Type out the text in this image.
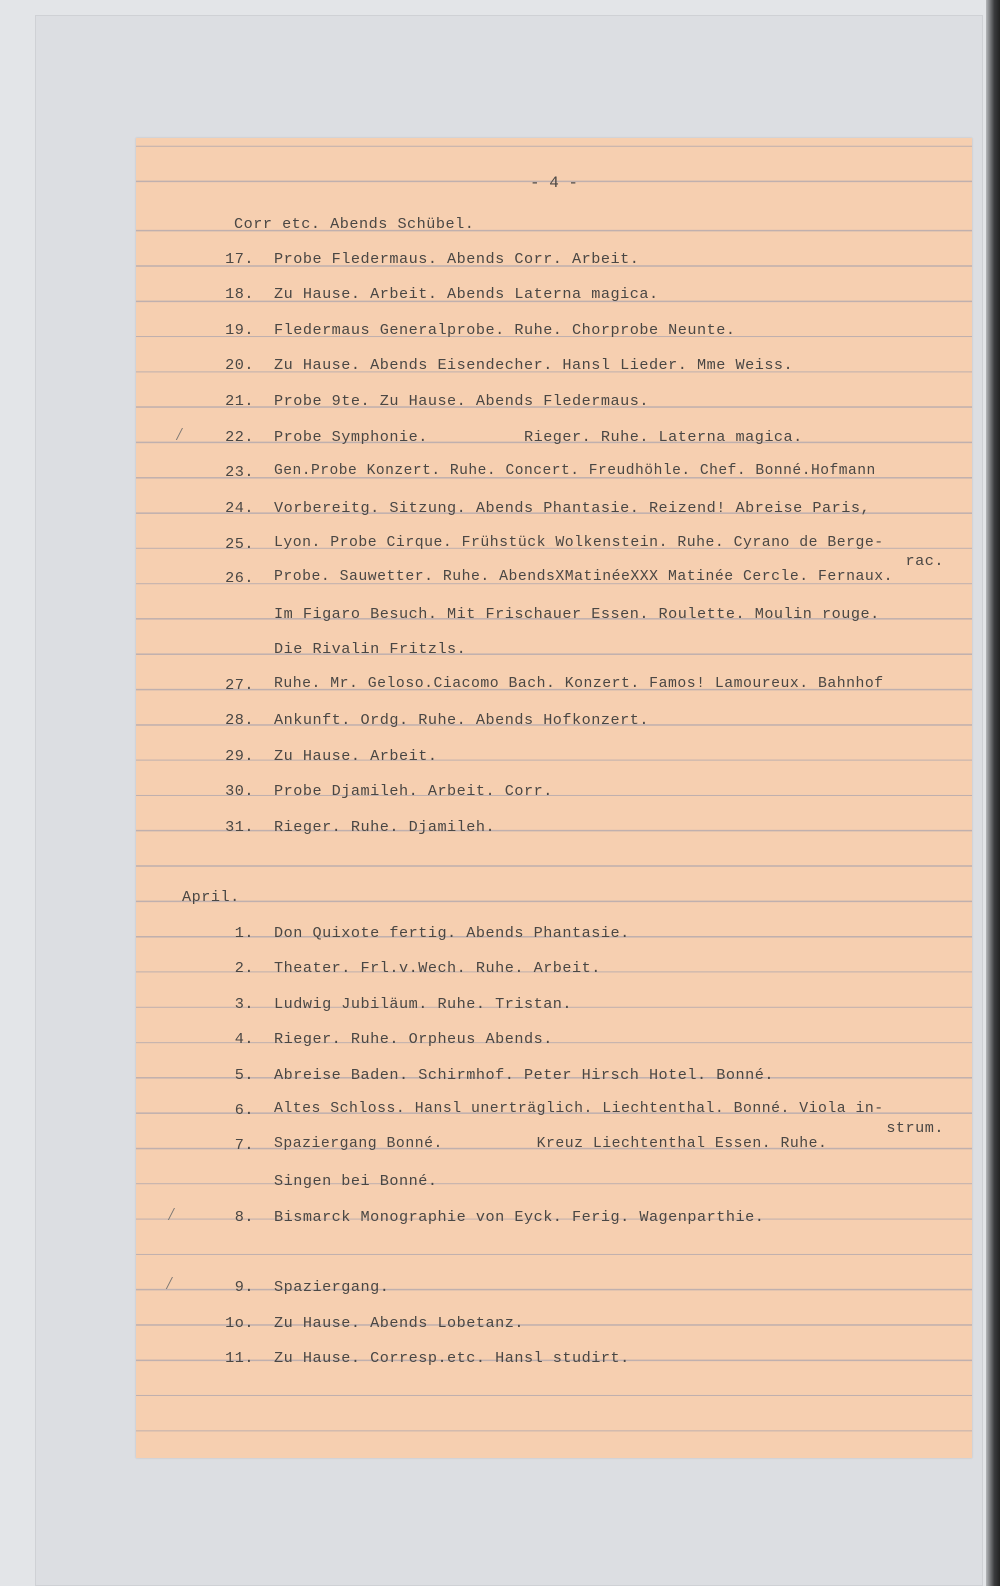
- 4 -
Corr etc. Abends Schübel.
17. Probe Fledermaus. Abends Corr. Arbeit.
18. Zu Hause. Arbeit. Abends Laterna magica.
19. Fledermaus Generalprobe. Ruhe. Chorprobe Neunte.
20. Zu Hause. Abends Eisendecher. Hansl Lieder. Mme Weiss.
21. Probe 9te. Zu Hause. Abends Fledermaus.
22. Probe Symphonie.          Rieger. Ruhe. Laterna magica.
23. Gen.Probe Konzert. Ruhe. Concert. Freudhöhle. Chef. Bonné.Hofmann
24. Vorbereitg. Sitzung. Abends Phantasie. Reizend! Abreise Paris,
25. Lyon. Probe Cirque. Frühstück Wolkenstein. Ruhe. Cyrano de Berge-
rac.
26. Probe. Sauwetter. Ruhe. AbendsXMatinéeXXX Matinée Cercle. Fernaux.
Im Figaro Besuch. Mit Frischauer Essen. Roulette. Moulin rouge.
Die Rivalin Fritzls.
27. Ruhe. Mr. Geloso.Ciacomo Bach. Konzert. Famos! Lamoureux. Bahnhof
28. Ankunft. Ordg. Ruhe. Abends Hofkonzert.
29. Zu Hause. Arbeit.
30. Probe Djamileh. Arbeit. Corr.
31. Rieger. Ruhe. Djamileh.
April.
1. Don Quixote fertig. Abends Phantasie.
2. Theater. Frl.v.Wech. Ruhe. Arbeit.
3. Ludwig Jubiläum. Ruhe. Tristan.
4. Rieger. Ruhe. Orpheus Abends.
5. Abreise Baden. Schirmhof. Peter Hirsch Hotel. Bonné.
6. Altes Schloss. Hansl unerträglich. Liechtenthal. Bonné. Viola in-
strum.
7. Spaziergang Bonné.          Kreuz Liechtenthal Essen. Ruhe.
Singen bei Bonné.
8. Bismarck Monographie von Eyck. Ferig. Wagenparthie.
9. Spaziergang.
1o. Zu Hause. Abends Lobetanz.
11. Zu Hause. Corresp.etc. Hansl studirt.
⁄
⁄
⁄
